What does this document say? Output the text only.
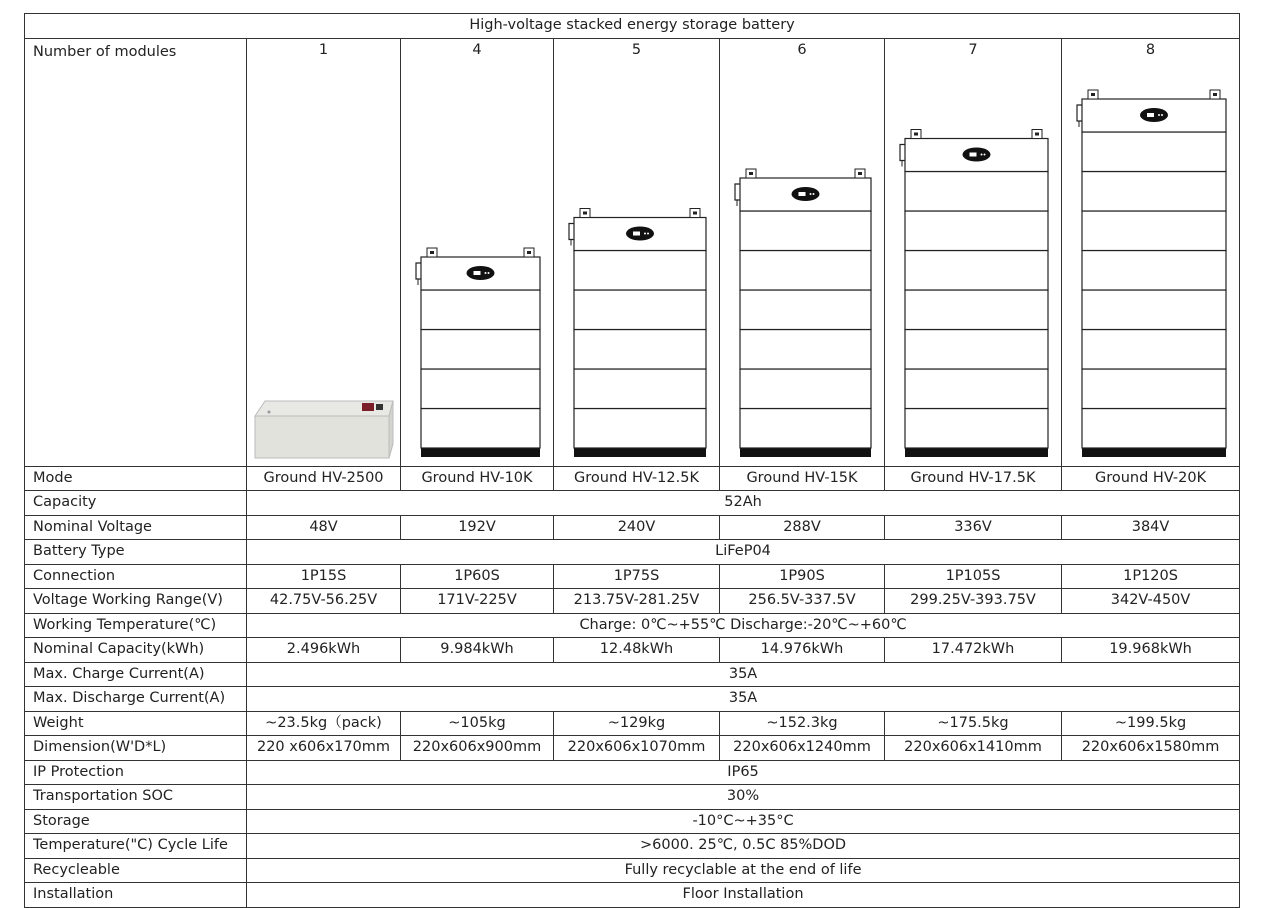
High-voltage stacked energy storage battery						
Number of modules	1	4	5	6	7	8

Mode	Ground HV-2500	Ground HV-10K	Ground HV-12.5K	Ground HV-15K	Ground HV-17.5K	Ground HV-20K
Capacity	52Ah					
Nominal Voltage	48V	192V	240V	288V	336V	384V
Battery Type	LiFeP04					
Connection	1P15S	1P60S	1P75S	1P90S	1P105S	1P120S
Voltage Working Range(V)	42.75V-56.25V	171V-225V	213.75V-281.25V	256.5V-337.5V	299.25V-393.75V	342V-450V
Working Temperature(℃)	Charge: 0℃~+55℃ Discharge:-20℃~+60℃					
Nominal Capacity(kWh)	2.496kWh	9.984kWh	12.48kWh	14.976kWh	17.472kWh	19.968kWh
Max. Charge Current(A)	35A					
Max. Discharge Current(A)	35A					
Weight	~23.5kg（pack)	~105kg	~129kg	~152.3kg	~175.5kg	~199.5kg
Dimension(W'D*L)	220 x606x170mm	220x606x900mm	220x606x1070mm	220x606x1240mm	220x606x1410mm	220x606x1580mm
IP Protection	IP65					
Transportation SOC	30%					
Storage	-10°C~+35°C					
Temperature("C) Cycle Life	>6000. 25℃, 0.5C 85%DOD					
Recycleable	Fully recyclable at the end of life					
Installation	Floor Installation					
